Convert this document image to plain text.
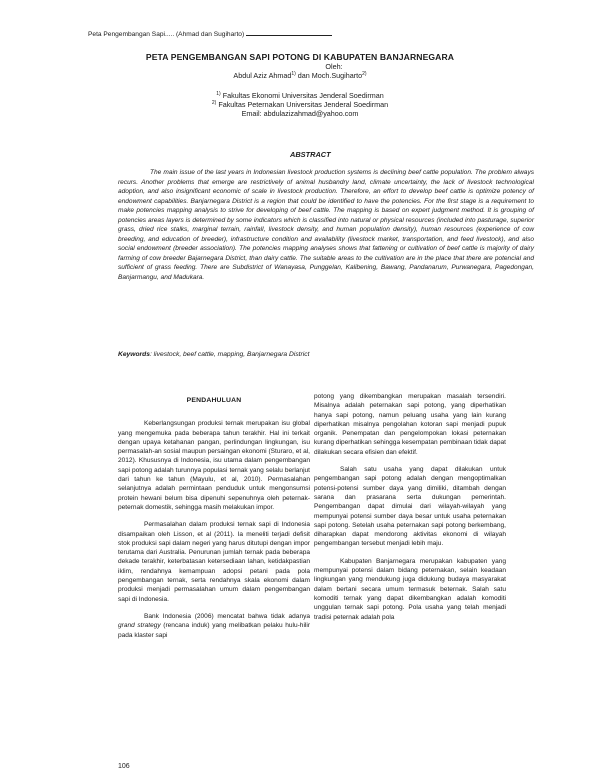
Peta Pengembangan Sapi..... (Ahmad dan Sugiharto)
PETA PENGEMBANGAN SAPI POTONG DI KABUPATEN BANJARNEGARA
Oleh:
Abdul Aziz Ahmad$^{1)}$ dan Moch.Sugiharto$^{2)}$
$^{1)}$ Fakultas Ekonomi Universitas Jenderal Soedirman
$^{2)}$ Fakultas Peternakan Universitas Jenderal Soedirman
Email: abdulazizahmad@yahoo.com
ABSTRACT

The main issue of the last years in Indonesian livestock production systems is declining beef cattle population. The problem always recurs. Another problems that emerge are restrictively of animal husbandry land, climate uncertainty, the lack of livestock technological adoption, and also insignificant economic of scale in livestock production. Therefore, an effort to develop beef cattle is optimize potency of endowment capabilities. Banjarnegara District is a region that could be identified to have the potencies. For the first stage is a requirement to make potencies mapping analysis to strive for developing of beef cattle. The mapping is based on expert judgment method. It is grouping of potencies areas layers is determined by some indicators which is classified into natural or physical resources (included into pasturage, superior grass, dried rice stalks, marginal terrain, rainfall, livestock density, and human population density), human resources (experience of cow breeding, and education of breeder), infrastructure condition and availability (livestock market, transportation, and feed livestock), and also social endowment (breeder association). The potencies mapping analyses shows that fattening or cultivation of beef cattle is majority of dairy farming of cow breeder Bajarnegara District, than dairy cattle. The suitable areas to the cultivation are in the place that there are potencial and sufficient of grass feeding. There are Subdistrict of Wanayasa, Punggelan, Kalibening, Bawang, Pandanarum, Purwanegara, Pagedongan, Banjarmangu, and Madukara.

Keywords: livestock, beef cattle, mapping, Banjarnegara District
PENDAHULUAN

Keberlangsungan produksi ternak merupakan isu global yang mengemuka pada beberapa tahun terakhir. Hal ini terkait dengan upaya ketahanan pangan, perlindungan lingkungan, isu permasalah-an sosial maupun persaingan ekonomi (Sturaro, et al, 2012). Khususnya di Indonesia, isu utama dalam pengembangan sapi potong adalah turunnya populasi ternak yang selalu berlanjut dari tahun ke tahun (Mayulu, et al, 2010). Permasalahan selanjutnya adalah permintaan penduduk untuk mengonsumsi protein hewani belum bisa dipenuhi sepenuhnya oleh peternak-peternak domestik, sehingga masih melakukan impor.

Permasalahan dalam produksi ternak sapi di Indonesia disampaikan oleh Lisson, et al (2011). Ia meneliti terjadi defisit stok produksi sapi dalam negeri yang harus ditutupi dengan impor terutama dari Australia. Penurunan jumlah ternak pada beberapa dekade terakhir, keterbatasan ketersediaan lahan, ketidakpastian iklim, rendahnya kemampuan adopsi petani pada pola pengembangan ternak, serta rendahnya skala ekonomi dalam produksi menjadi permasalahan umum dalam pengembangan sapi di Indonesia.

Bank Indonesia (2006) mencatat bahwa tidak adanya grand strategy (rencana induk) yang melibatkan pelaku hulu-hilir pada klaster sapi

potong yang dikembangkan merupakan masalah tersendiri. Misalnya adalah peternakan sapi potong, yang diperhatikan hanya sapi potong, namun peluang usaha yang lain kurang diperhatikan misalnya pengolahan kotoran sapi menjadi pupuk organik. Penempatan dan pengelompokan lokasi peternakan kurang diperhatikan sehingga kesempatan pembinaan tidak dapat dilakukan secara efisien dan efektif.

Salah satu usaha yang dapat dilakukan untuk pengembangan sapi potong adalah dengan mengoptimalkan potensi-potensi sumber daya yang dimiliki, ditambah dengan sarana dan prasarana serta dukungan pemerintah. Pengembangan dapat dimulai dari wilayah-wilayah yang mempunyai potensi sumber daya besar untuk usaha peternakan sapi potong. Setelah usaha peternakan sapi potong berkembang, diharapkan dapat mendorong aktivitas ekonomi di wilayah pengembangan tersebut menjadi lebih maju.

Kabupaten Banjarnegara merupakan kabupaten yang mempunyai potensi dalam bidang peternakan, selain keadaan lingkungan yang mendukung juga didukung budaya masyarakat dalam bertani secara umum termasuk beternak. Salah satu komoditi ternak yang dapat dikembangkan adalah komoditi unggulan ternak sapi potong. Pola usaha yang telah menjadi tradisi peternak adalah pola

106
